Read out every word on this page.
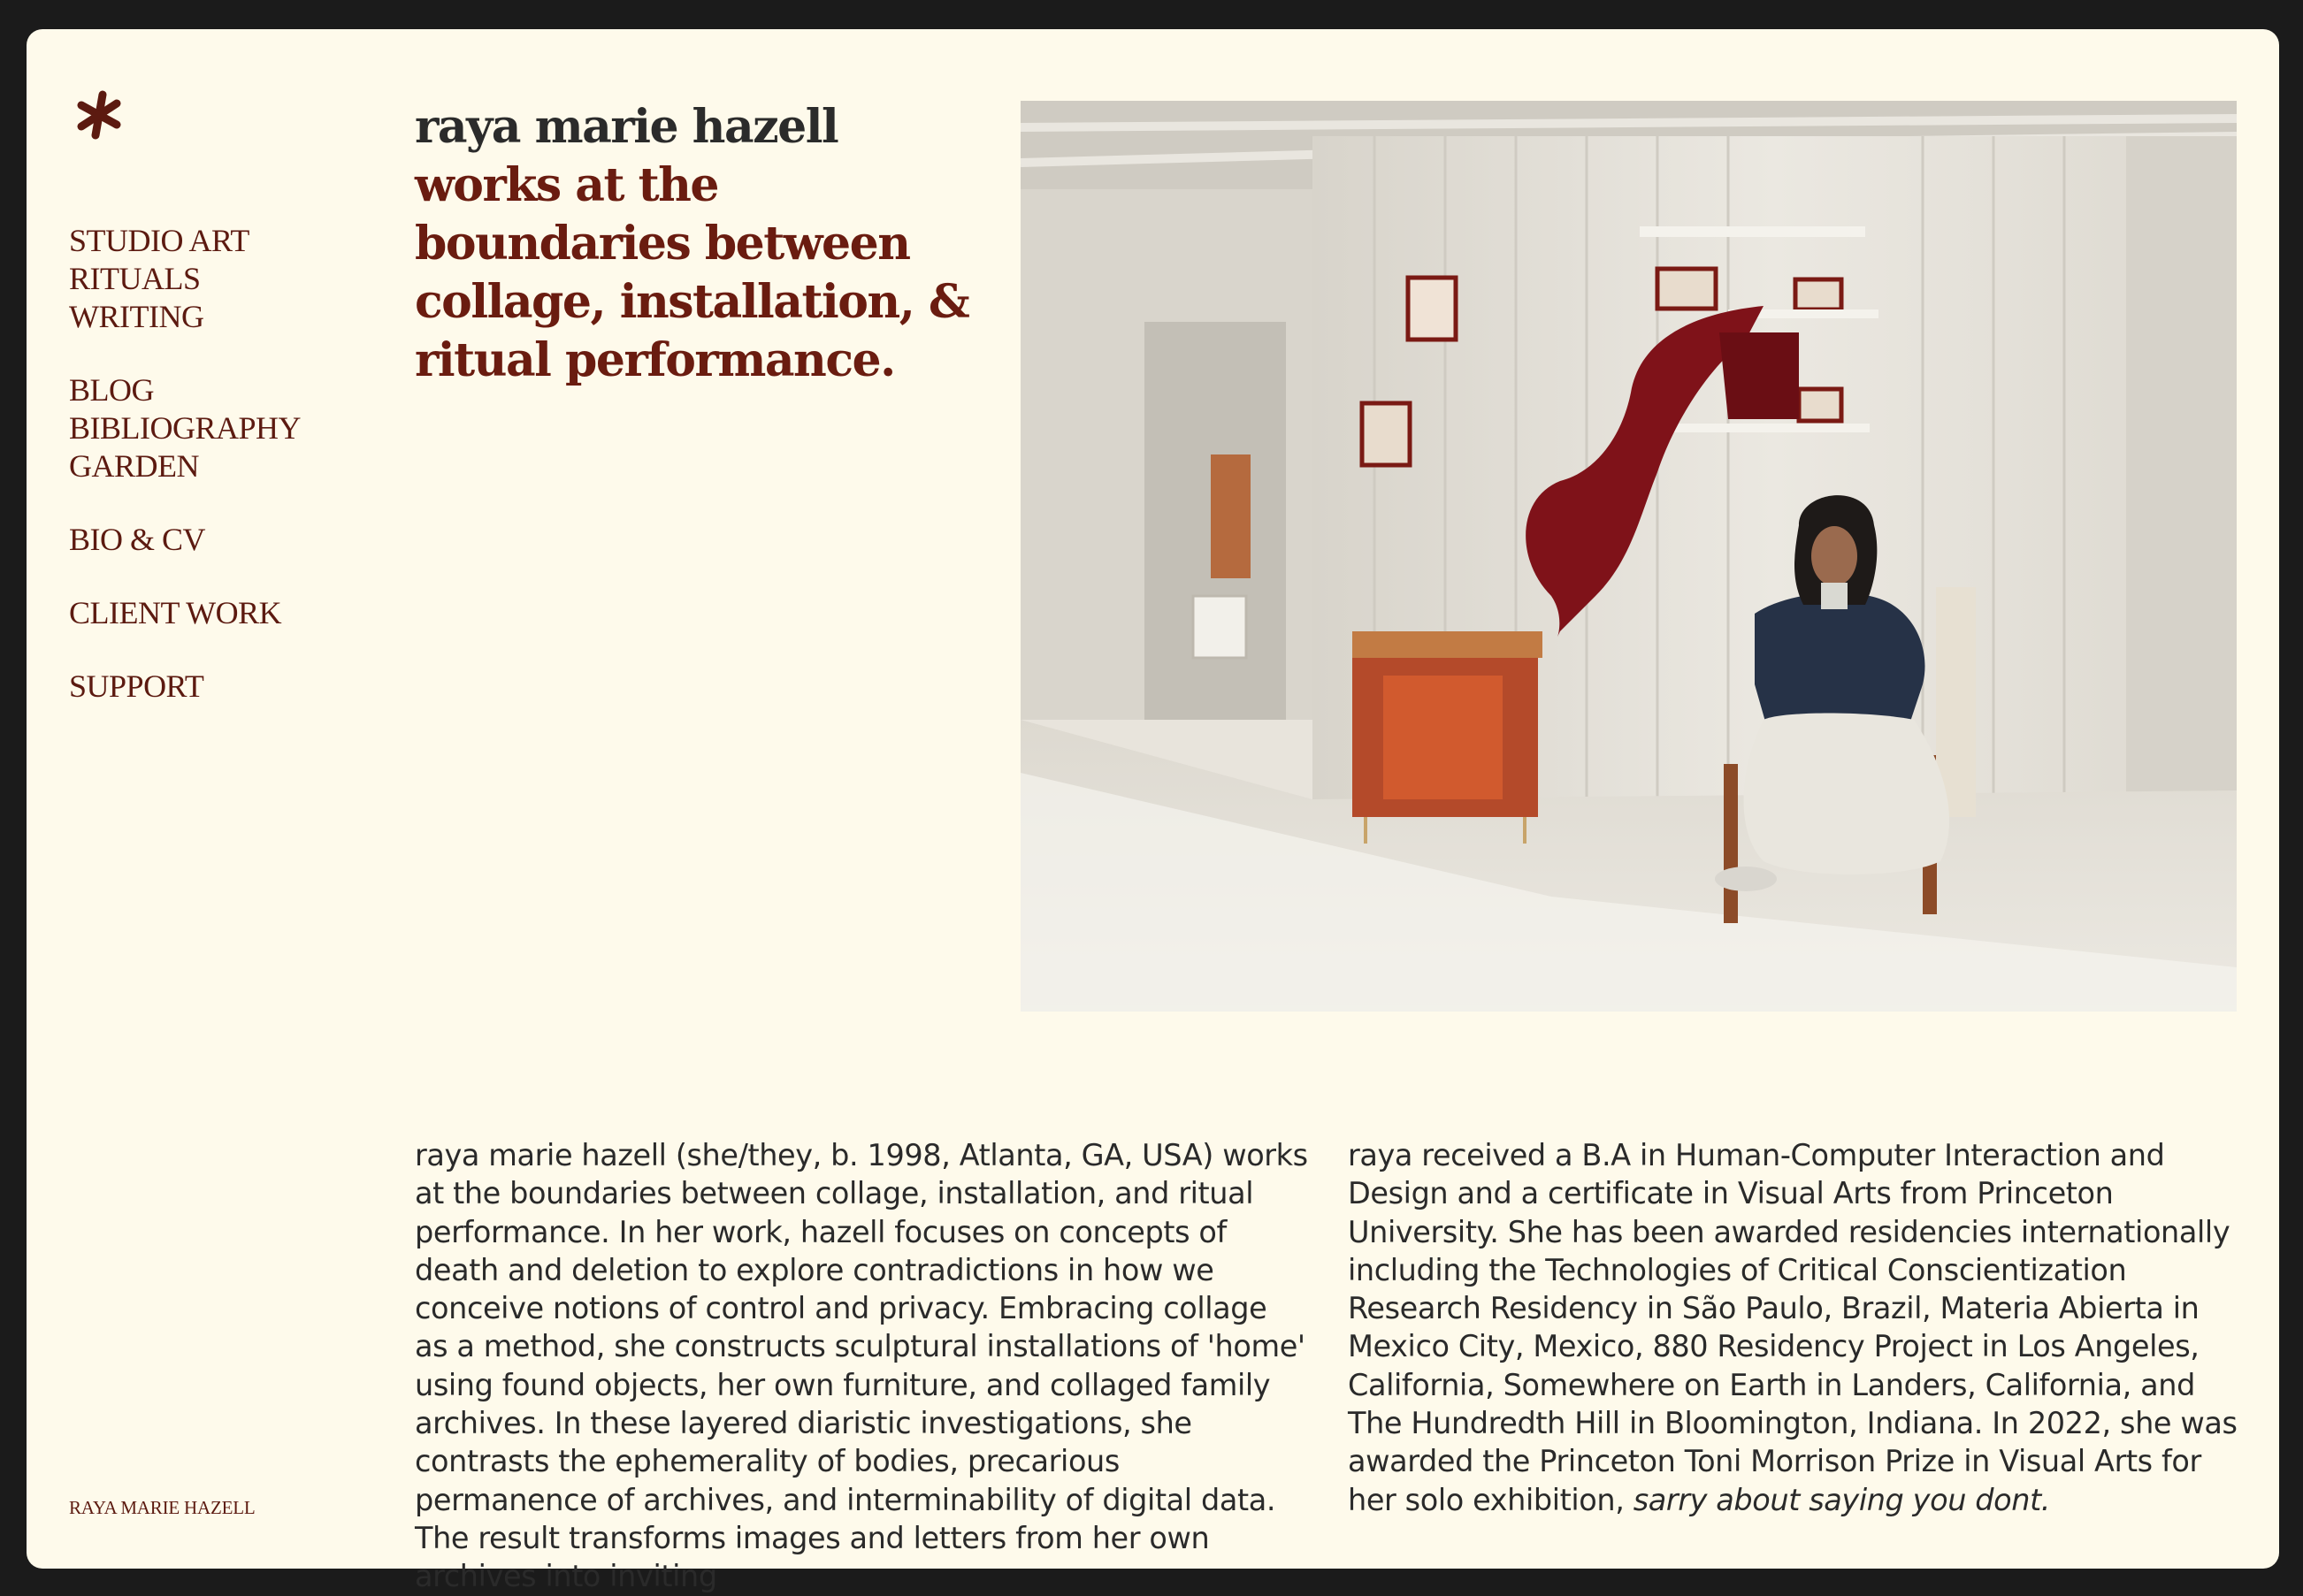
STUDIO ART
RITUALS
WRITING
BLOG
BIBLIOGRAPHY
GARDEN
BIO & CV
CLIENT WORK
SUPPORT
RAYA MARIE HAZELL
raya marie hazell
works at the boundaries between collage, installation, & ritual performance.

raya marie hazell (she/they, b. 1998, Atlanta, GA, USA) works at the boundaries between collage, installation, and ritual performance. In her work, hazell focuses on concepts of death and deletion to explore contradictions in how we conceive notions of control and privacy. Embracing collage as a method, she constructs sculptural installations of 'home' using found objects, her own furniture, and collaged family archives. In these layered diaristic investigations, she contrasts the ephemerality of bodies, precarious permanence of archives, and interminability of digital data. The result transforms images and letters from her own archives into inviting

raya received a B.A in Human-Computer Interaction and Design and a certificate in Visual Arts from Princeton University. She has been awarded residencies internationally including the Technologies of Critical Conscientization Research Residency in São Paulo, Brazil, Materia Abierta in Mexico City, Mexico, 880 Residency Project in Los Angeles, California, Somewhere on Earth in Landers, California, and The Hundredth Hill in Bloomington, Indiana. In 2022, she was awarded the Princeton Toni Morrison Prize in Visual Arts for her solo exhibition, sarry about saying you dont.
